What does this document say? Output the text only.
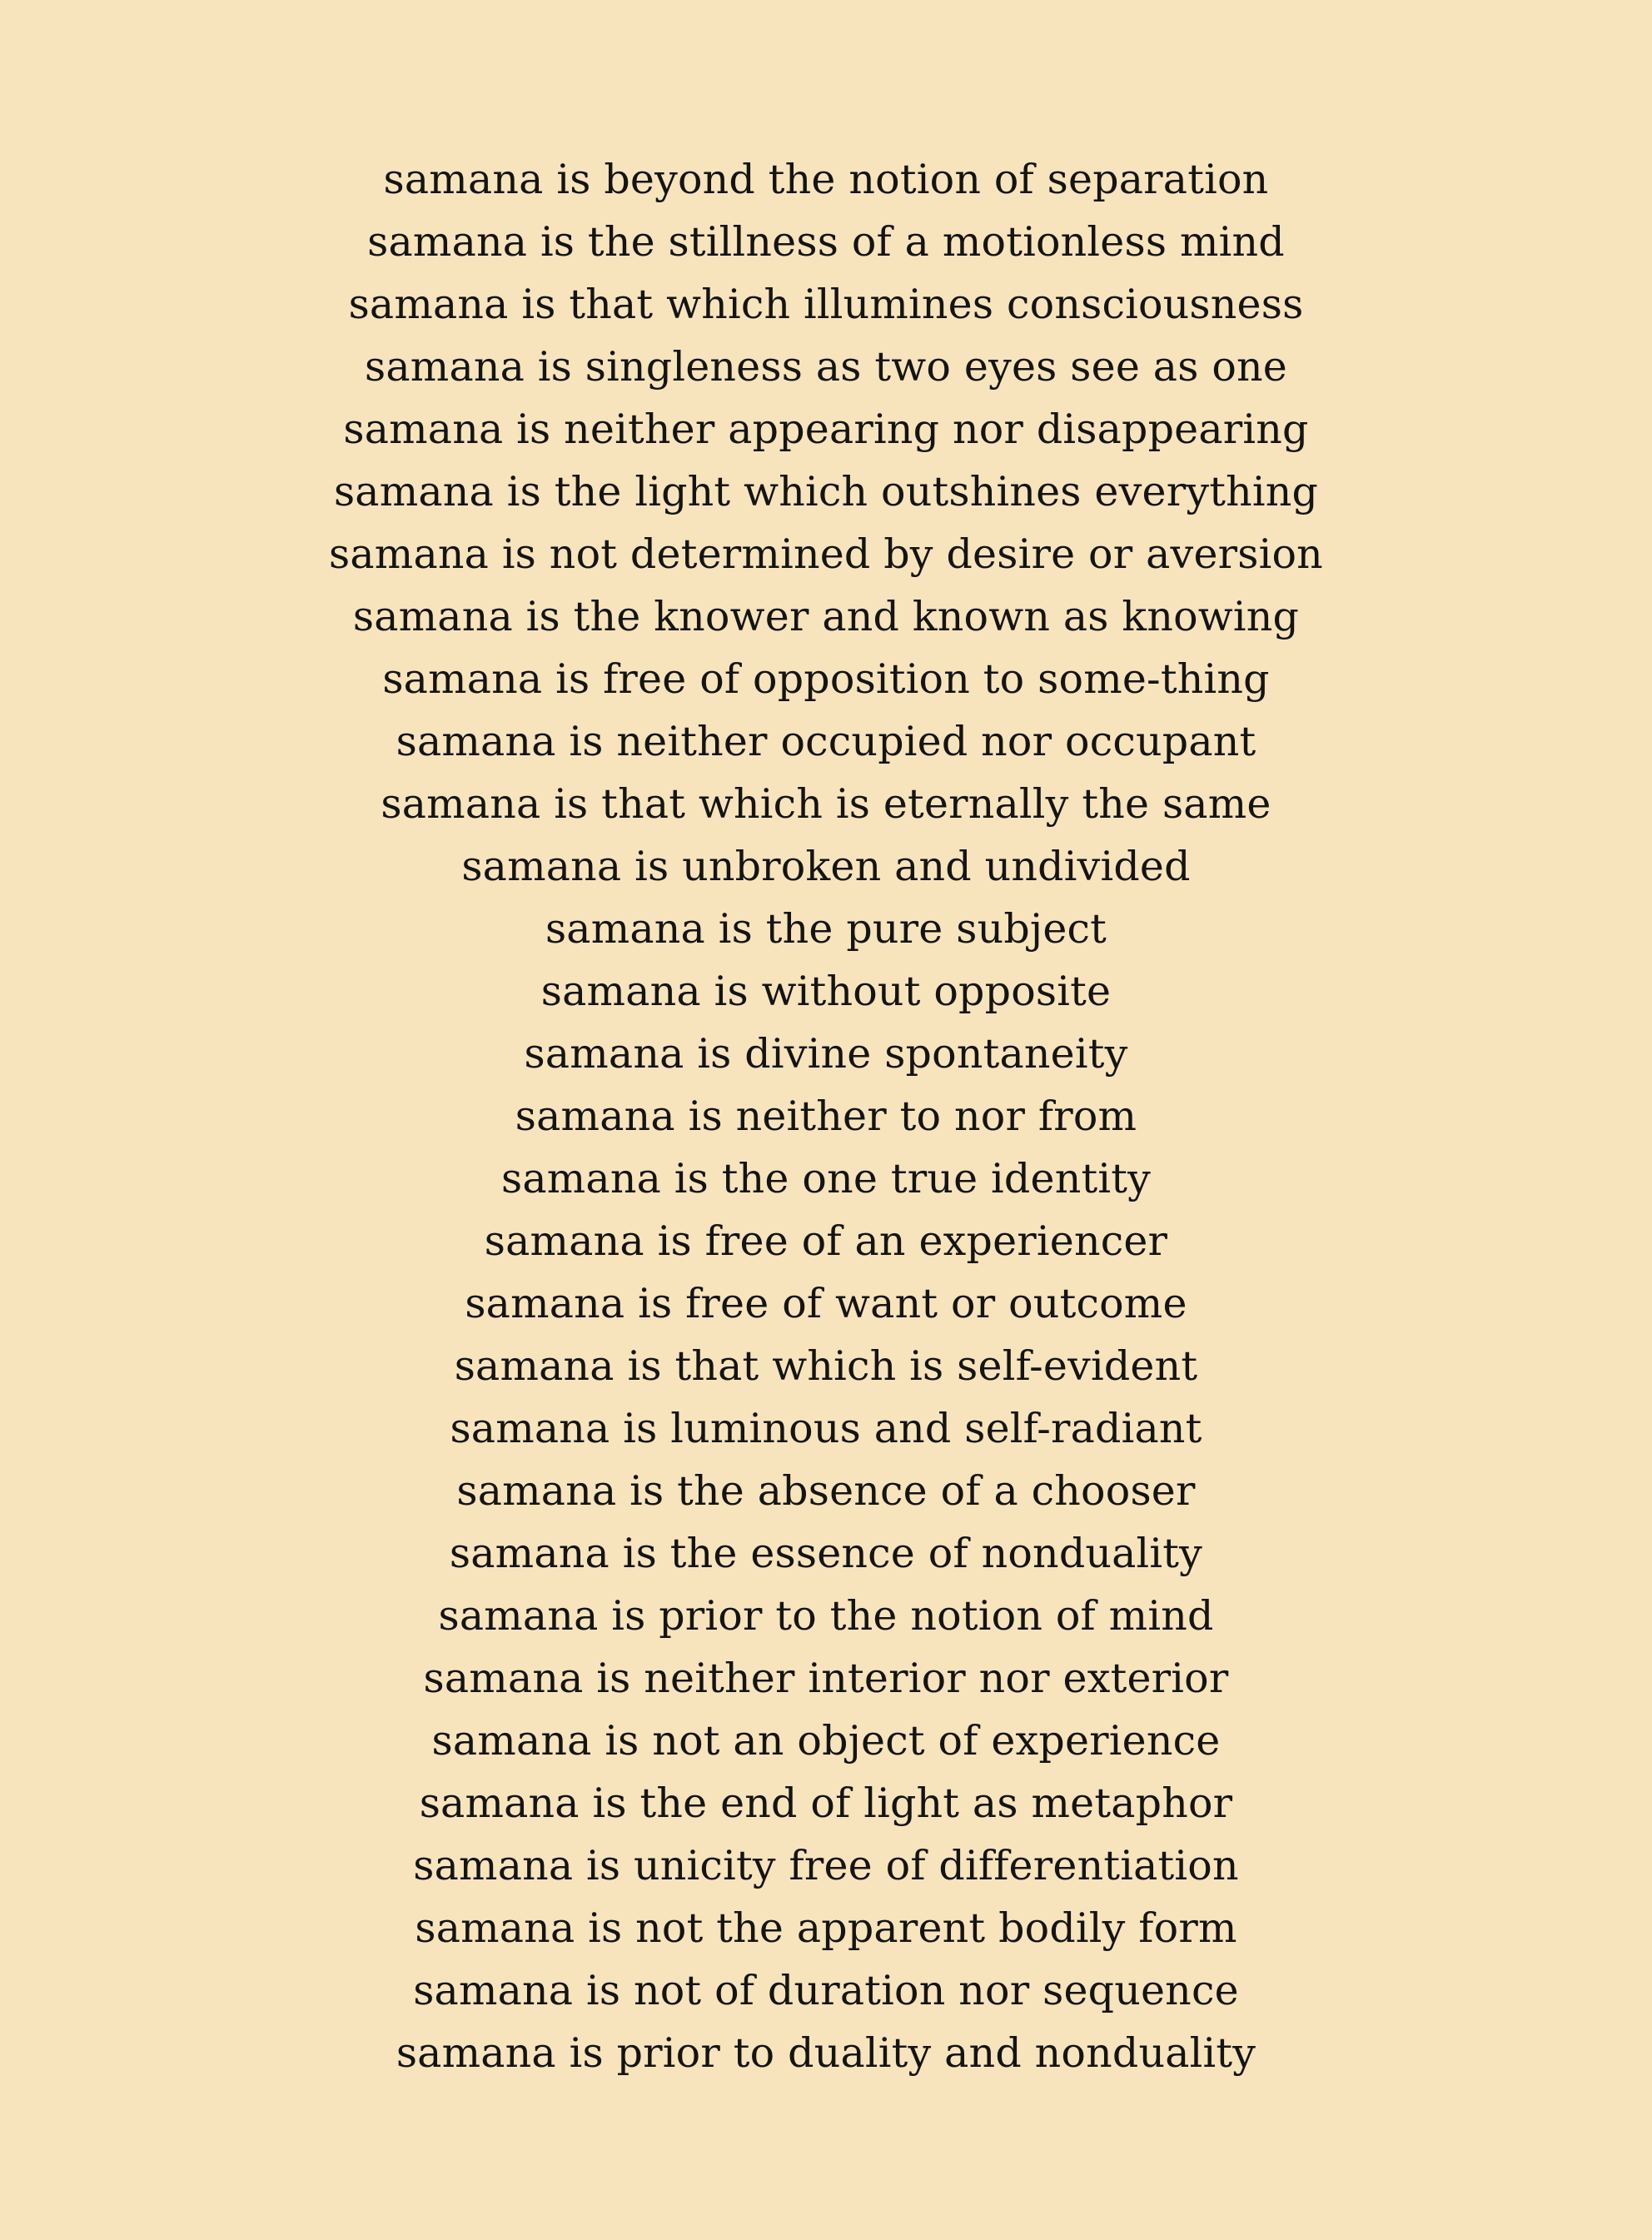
samana is beyond the notion of separation
samana is the stillness of a motionless mind
samana is that which illumines consciousness
samana is singleness as two eyes see as one
samana is neither appearing nor disappearing
samana is the light which outshines everything
samana is not determined by desire or aversion
samana is the knower and known as knowing
samana is free of opposition to some-thing
samana is neither occupied nor occupant
samana is that which is eternally the same
samana is unbroken and undivided
samana is the pure subject
samana is without opposite
samana is divine spontaneity
samana is neither to nor from
samana is the one true identity
samana is free of an experiencer
samana is free of want or outcome
samana is that which is self-evident
samana is luminous and self-radiant
samana is the absence of a chooser
samana is the essence of nonduality
samana is prior to the notion of mind
samana is neither interior nor exterior
samana is not an object of experience
samana is the end of light as metaphor
samana is unicity free of differentiation
samana is not the apparent bodily form
samana is not of duration nor sequence
samana is prior to duality and nonduality
